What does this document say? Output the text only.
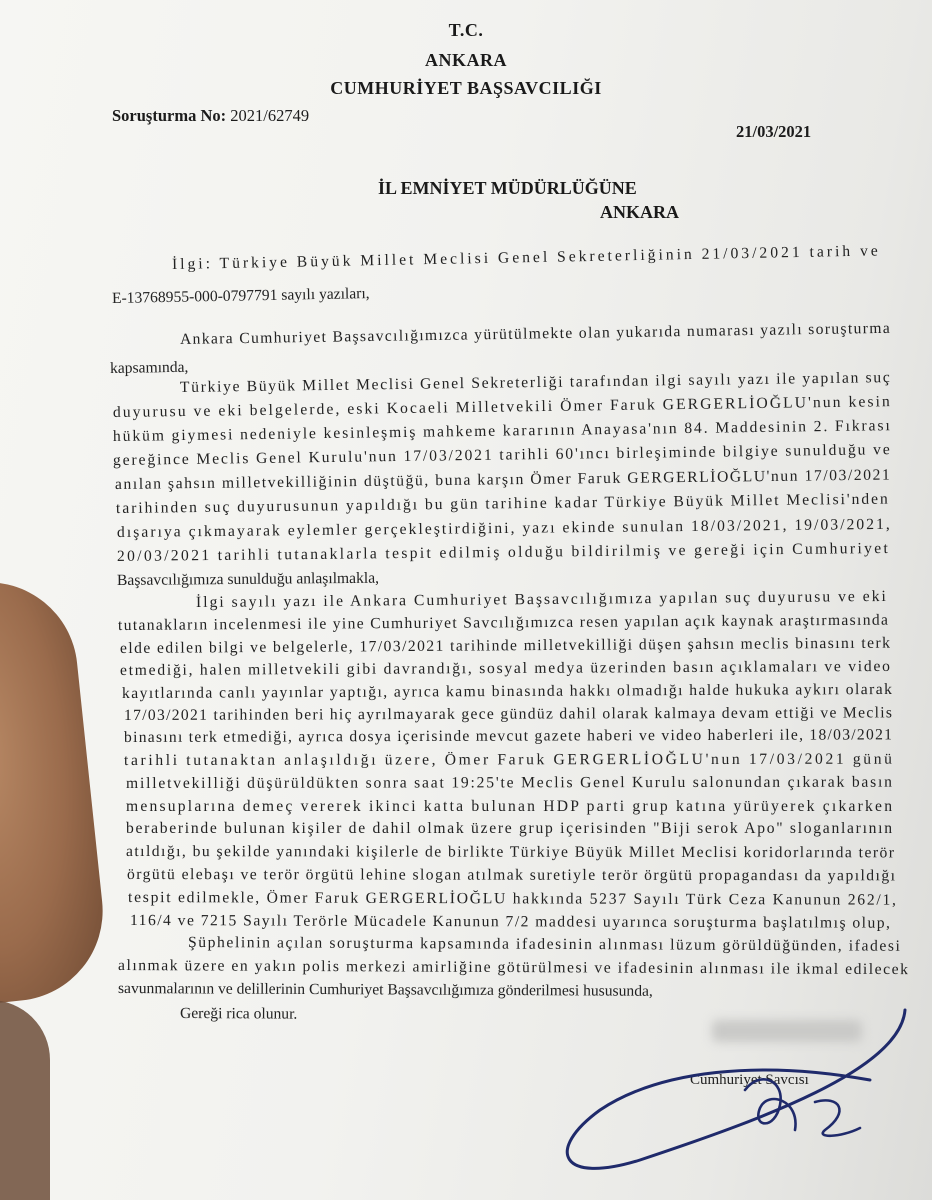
T.C.
ANKARA
CUMHURİYET BAŞSAVCILIĞI
Soruşturma No: 2021/62749
21/03/2021
İL EMNİYET MÜDÜRLÜĞÜNE
ANKARA
İlgi: Türkiye Büyük Millet Meclisi Genel Sekreterliğinin 21/03/2021 tarih ve
E-13768955-000-0797791 sayılı yazıları,
Ankara Cumhuriyet Başsavcılığımızca yürütülmekte olan yukarıda numarası yazılı soruşturma
kapsamında,
Türkiye Büyük Millet Meclisi Genel Sekreterliği tarafından ilgi sayılı yazı ile yapılan suç
duyurusu ve eki belgelerde, eski Kocaeli Milletvekili Ömer Faruk GERGERLİOĞLU'nun kesin
hüküm giymesi nedeniyle kesinleşmiş mahkeme kararının Anayasa'nın 84. Maddesinin 2. Fıkrası
gereğince Meclis Genel Kurulu'nun 17/03/2021 tarihli 60'ıncı birleşiminde bilgiye sunulduğu ve
anılan şahsın milletvekilliğinin düştüğü, buna karşın Ömer Faruk GERGERLİOĞLU'nun 17/03/2021
tarihinden suç duyurusunun yapıldığı bu gün tarihine kadar Türkiye Büyük Millet Meclisi'nden
dışarıya çıkmayarak eylemler gerçekleştirdiğini, yazı ekinde sunulan 18/03/2021, 19/03/2021,
20/03/2021 tarihli tutanaklarla tespit edilmiş olduğu bildirilmiş ve gereği için Cumhuriyet
Başsavcılığımıza sunulduğu anlaşılmakla,
İlgi sayılı yazı ile Ankara Cumhuriyet Başsavcılığımıza yapılan suç duyurusu ve eki
tutanakların incelenmesi ile yine Cumhuriyet Savcılığımızca resen yapılan açık kaynak araştırmasında
elde edilen bilgi ve belgelerle, 17/03/2021 tarihinde milletvekilliği düşen şahsın meclis binasını terk
etmediği, halen milletvekili gibi davrandığı, sosyal medya üzerinden basın açıklamaları ve video
kayıtlarında canlı yayınlar yaptığı, ayrıca kamu binasında hakkı olmadığı halde hukuka aykırı olarak
17/03/2021 tarihinden beri hiç ayrılmayarak gece gündüz dahil olarak kalmaya devam ettiği ve Meclis
binasını terk etmediği, ayrıca dosya içerisinde mevcut gazete haberi ve video haberleri ile, 18/03/2021
tarihli tutanaktan anlaşıldığı üzere, Ömer Faruk GERGERLİOĞLU'nun 17/03/2021 günü
milletvekilliği düşürüldükten sonra saat 19:25'te Meclis Genel Kurulu salonundan çıkarak basın
mensuplarına demeç vererek ikinci katta bulunan HDP parti grup katına yürüyerek çıkarken
beraberinde bulunan kişiler de dahil olmak üzere grup içerisinden "Biji serok Apo" sloganlarının
atıldığı, bu şekilde yanındaki kişilerle de birlikte Türkiye Büyük Millet Meclisi koridorlarında terör
örgütü elebaşı ve terör örgütü lehine slogan atılmak suretiyle terör örgütü propagandası da yapıldığı
tespit edilmekle, Ömer Faruk GERGERLİOĞLU hakkında 5237 Sayılı Türk Ceza Kanunun 262/1,
116/4 ve 7215 Sayılı Terörle Mücadele Kanunun 7/2 maddesi uyarınca soruşturma başlatılmış olup,
Şüphelinin açılan soruşturma kapsamında ifadesinin alınması lüzum görüldüğünden, ifadesi
alınmak üzere en yakın polis merkezi amirliğine götürülmesi ve ifadesinin alınması ile ikmal edilecek
savunmalarının ve delillerinin Cumhuriyet Başsavcılığımıza gönderilmesi hususunda,
Gereği rica olunur.
Cumhuriyet Savcısı
